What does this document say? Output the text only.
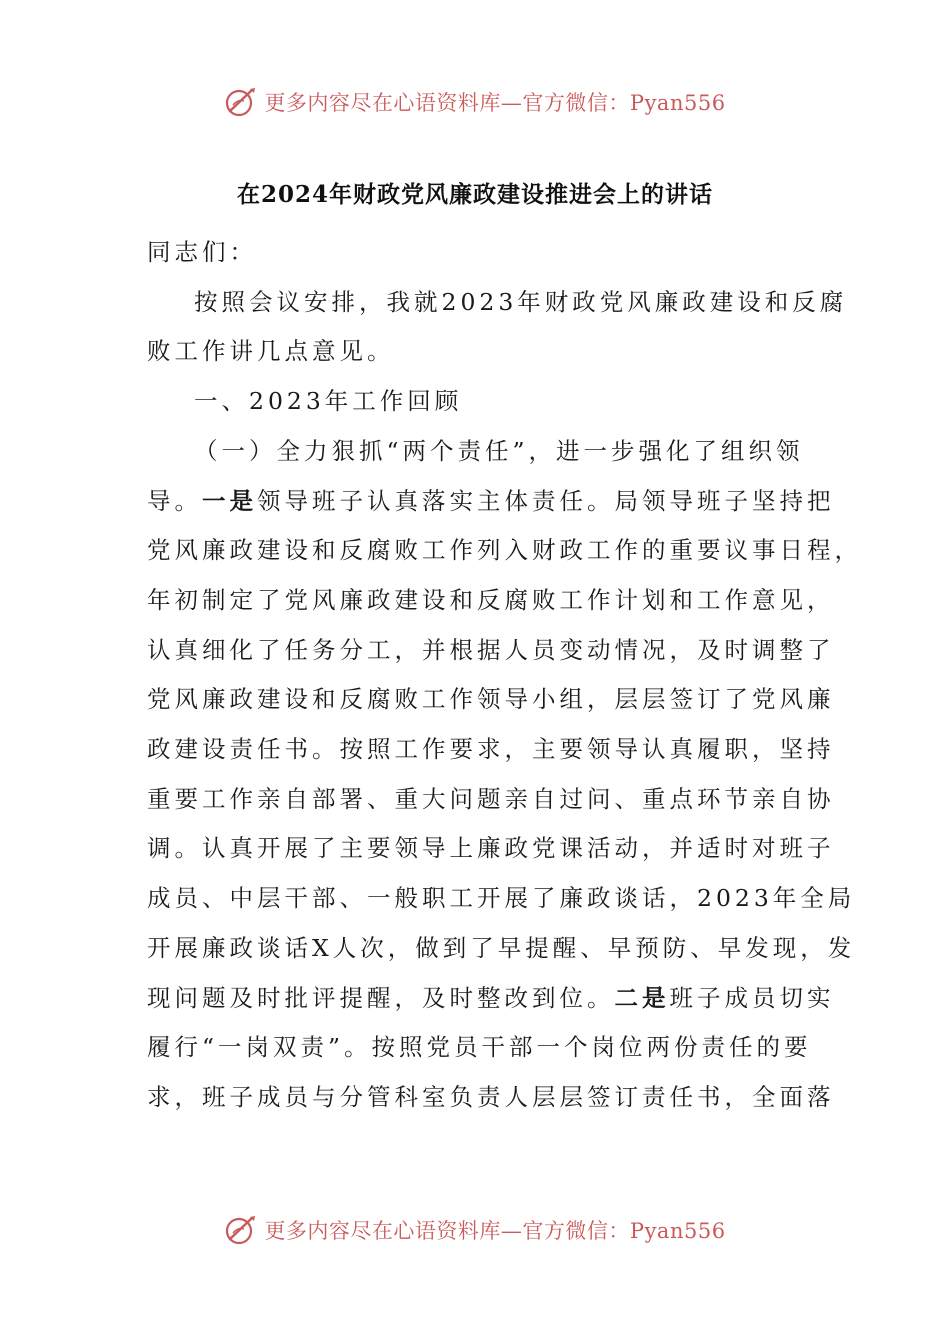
更多内容尽在心语资料库—官方微信：Pyan556
在2024年财政党风廉政建设推进会上的讲话

同志们：

按照会议安排，我就2023年财政党风廉政建设和反腐

败工作讲几点意见。

一、2023年工作回顾

（一）全力狠抓“两个责任”，进一步强化了组织领

导。一是领导班子认真落实主体责任。局领导班子坚持把
党风廉政建设和反腐败工作列入财政工作的重要议事日程，
年初制定了党风廉政建设和反腐败工作计划和工作意见，
认真细化了任务分工，并根据人员变动情况，及时调整了
党风廉政建设和反腐败工作领导小组，层层签订了党风廉
政建设责任书。按照工作要求，主要领导认真履职，坚持
重要工作亲自部署、重大问题亲自过问、重点环节亲自协
调。认真开展了主要领导上廉政党课活动，并适时对班子
成员、中层干部、一般职工开展了廉政谈话，2023年全局
开展廉政谈话X人次，做到了早提醒、早预防、早发现，发
现问题及时批评提醒，及时整改到位。二是班子成员切实
履行“一岗双责”。按照党员干部一个岗位两份责任的要
求，班子成员与分管科室负责人层层签订责任书，全面落

更多内容尽在心语资料库—官方微信：Pyan556
